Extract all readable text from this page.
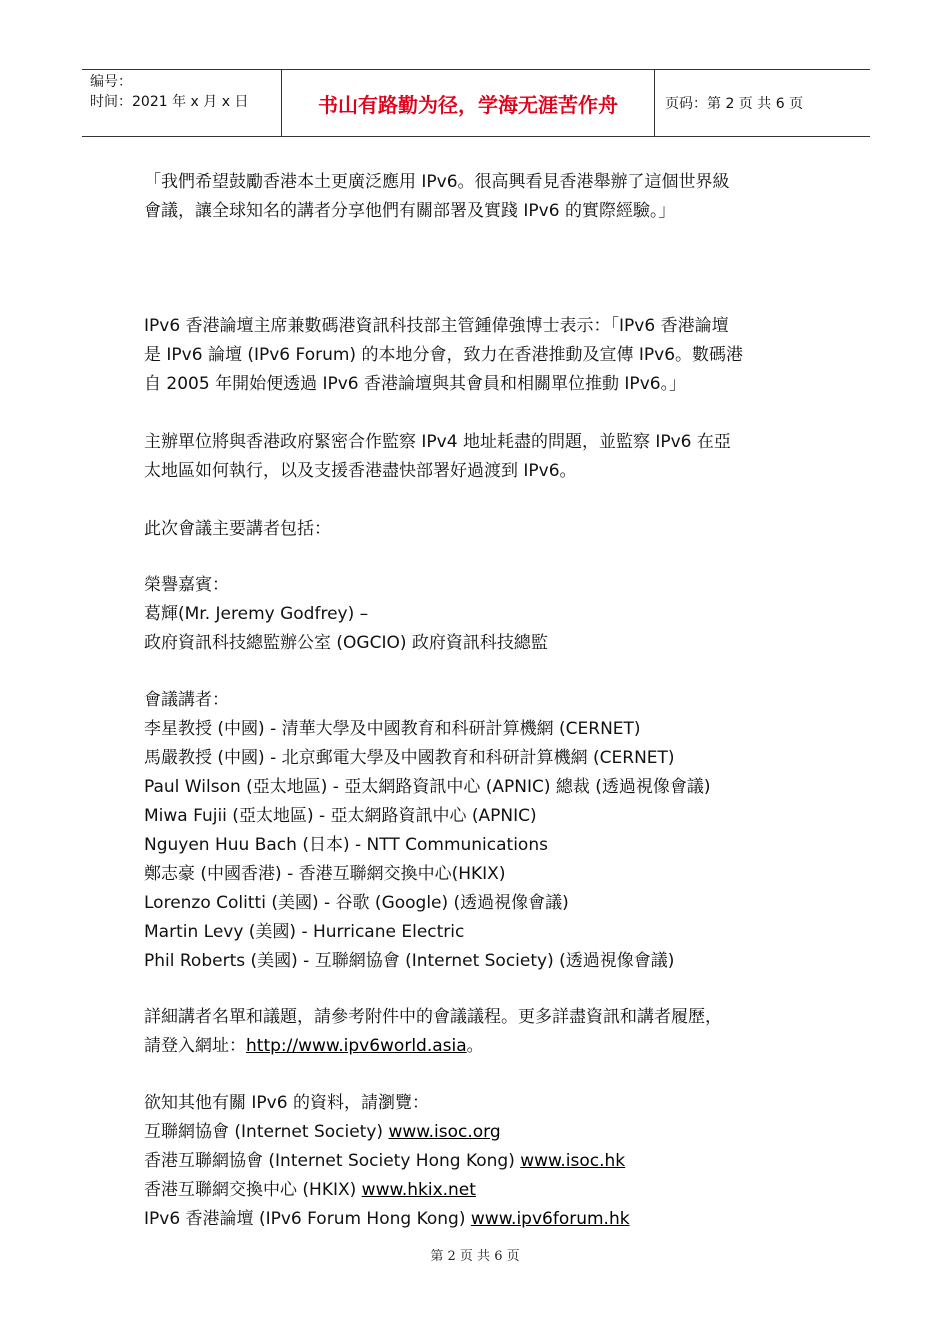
编号：
时间：2021 年 x 月 x 日	书山有路勤为径，学海无涯苦作舟	页码：第 2 页 共 6 页
「我們希望鼓勵香港本土更廣泛應用 IPv6。很高興看見香港舉辦了這個世界級
會議，讓全球知名的講者分享他們有關部署及實踐 IPv6 的實際經驗。」
IPv6 香港論壇主席兼數碼港資訊科技部主管鍾偉強博士表示：「IPv6 香港論壇
是 IPv6 論壇 (IPv6 Forum) 的本地分會，致力在香港推動及宣傳 IPv6。數碼港
自 2005 年開始便透過 IPv6 香港論壇與其會員和相關單位推動 IPv6。」
主辦單位將與香港政府緊密合作監察 IPv4 地址耗盡的問題，並監察 IPv6 在亞
太地區如何執行，以及支援香港盡快部署好過渡到 IPv6。
此次會議主要講者包括：
榮譽嘉賓：
葛輝(Mr. Jeremy Godfrey) –
政府資訊科技總監辦公室 (OGCIO) 政府資訊科技總監
會議講者：
李星教授 (中國) - 清華大學及中國教育和科研計算機網 (CERNET)
馬嚴教授 (中國) - 北京郵電大學及中國教育和科研計算機網 (CERNET)
Paul Wilson (亞太地區) - 亞太網路資訊中心 (APNIC) 總裁 (透過視像會議)
Miwa Fujii (亞太地區) - 亞太網路資訊中心 (APNIC)
Nguyen Huu Bach (日本) - NTT Communications
鄭志豪 (中國香港) - 香港互聯網交換中心(HKIX)
Lorenzo Colitti (美國) - 谷歌 (Google) (透過視像會議)
Martin Levy (美國) - Hurricane Electric
Phil Roberts (美國) - 互聯網協會 (Internet Society) (透過視像會議)
詳細講者名單和議題，請參考附件中的會議議程。更多詳盡資訊和講者履歷，
請登入網址：http://www.ipv6world.asia。
欲知其他有關 IPv6 的資料，請瀏覽：
互聯網協會 (Internet Society) www.isoc.org
香港互聯網協會 (Internet Society Hong Kong) www.isoc.hk
香港互聯網交換中心 (HKIX) www.hkix.net
IPv6 香港論壇 (IPv6 Forum Hong Kong) www.ipv6forum.hk
第 2 页 共 6 页
